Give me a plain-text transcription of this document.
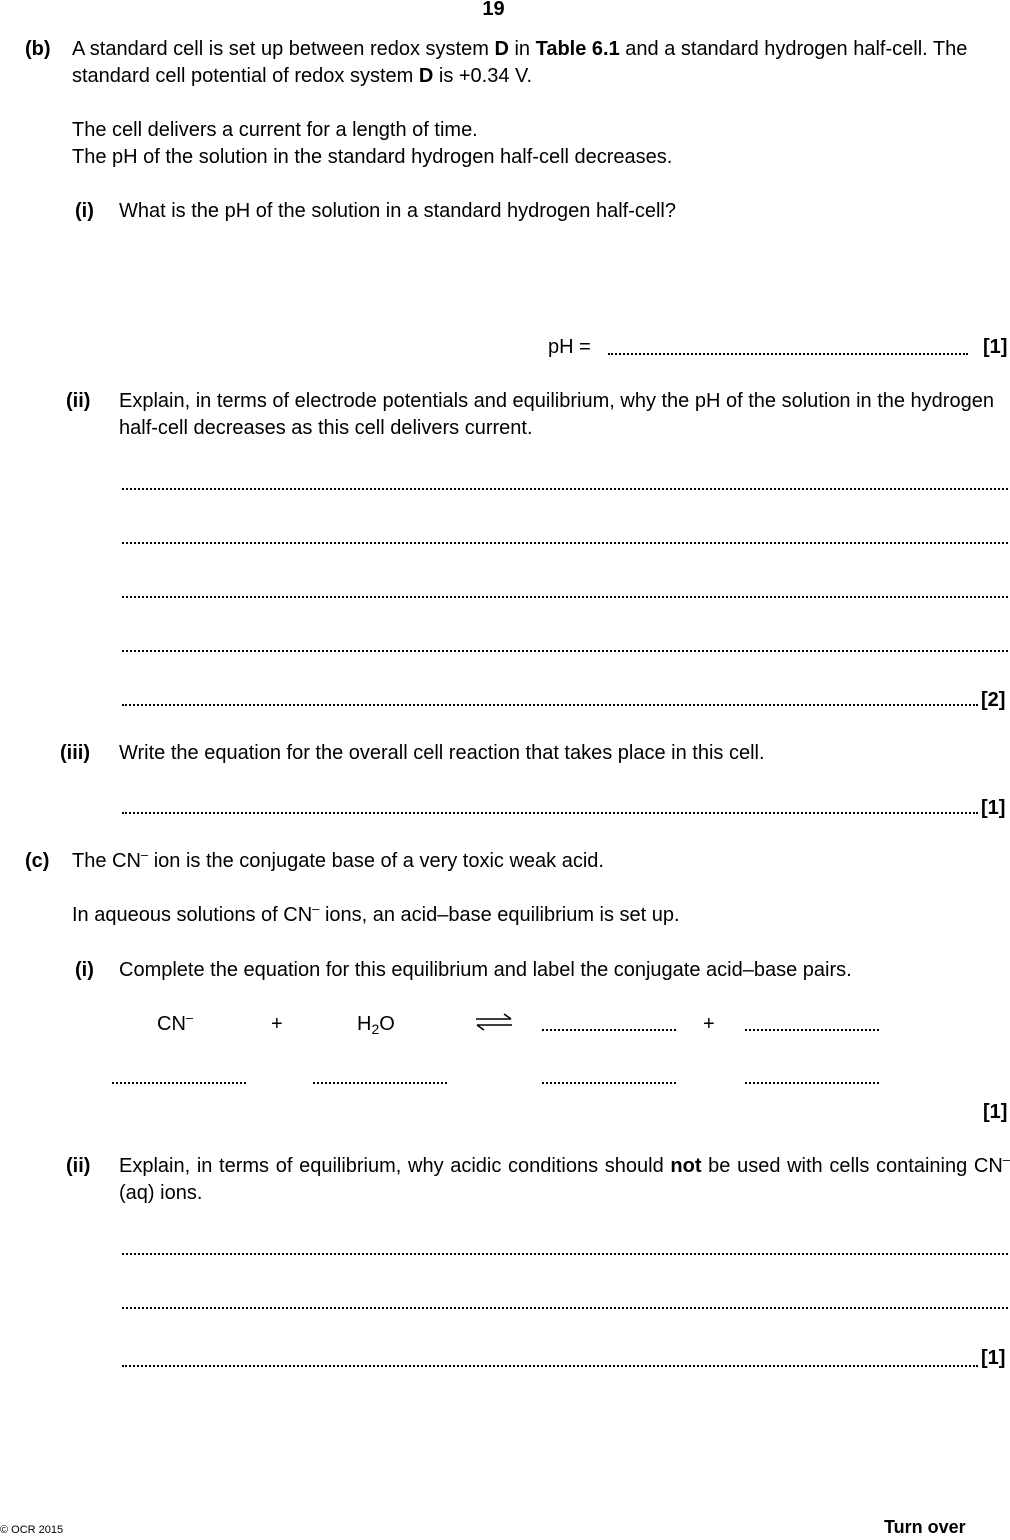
19
(b) A standard cell is set up between redox system D in Table 6.1 and a standard hydrogen half-cell. The standard cell potential of redox system D is +0.34 V.
The cell delivers a current for a length of time.
The pH of the solution in the standard hydrogen half-cell decreases.
(i) What is the pH of the solution in a standard hydrogen half-cell?
pH =	[1]
(ii) Explain, in terms of electrode potentials and equilibrium, why the pH of the solution in the hydrogen half-cell decreases as this cell delivers current.
[2]
(iii) Write the equation for the overall cell reaction that takes place in this cell.
[1]
(c) The CN– ion is the conjugate base of a very toxic weak acid.
In aqueous solutions of CN– ions, an acid–base equilibrium is set up.
(i) Complete the equation for this equilibrium and label the conjugate acid–base pairs.
CN–	+	$H_2O$	+
[1]
(ii) Explain, in terms of equilibrium, why acidic conditions should not be used with cells containing CN–(aq) ions.
[1]
© OCR 2015	Turn over
